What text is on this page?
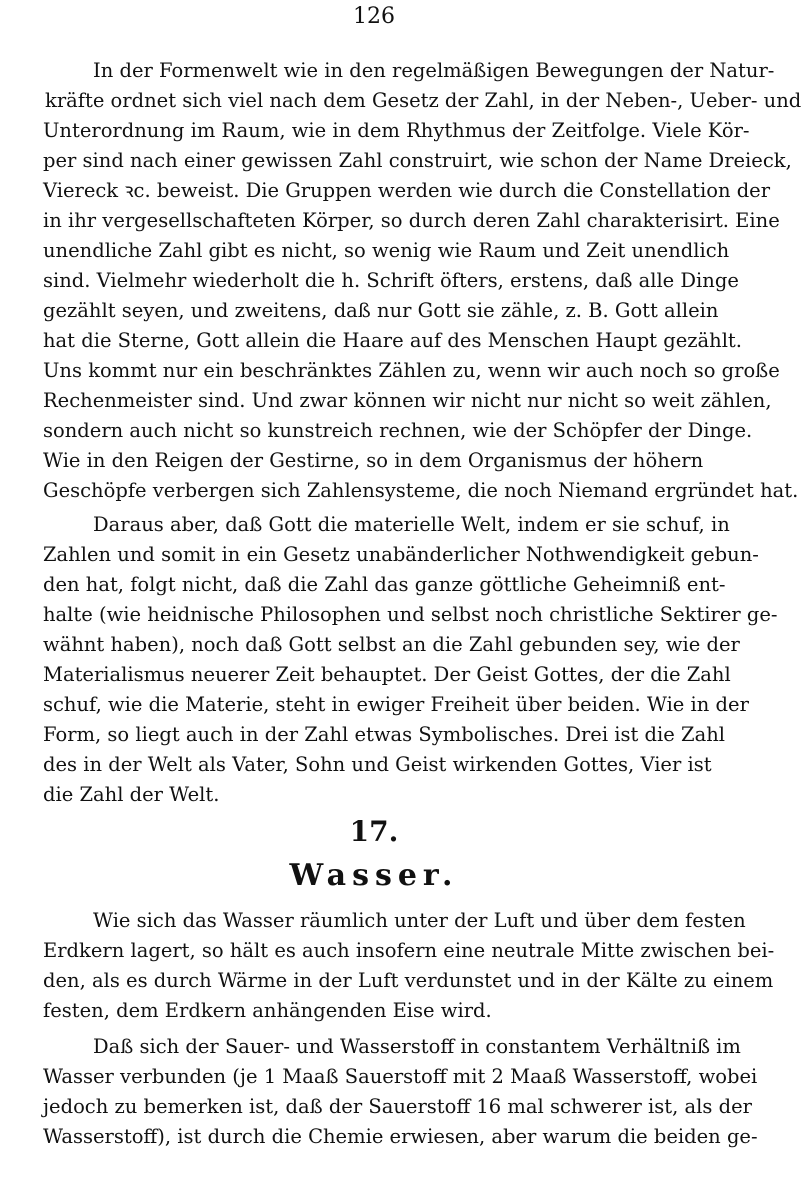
126
In der Formenwelt wie in den regelmäßigen Bewegungen der Natur-
kräfte ordnet sich viel nach dem Gesetz der Zahl, in der Neben-, Ueber- und
Unterordnung im Raum, wie in dem Rhythmus der Zeitfolge. Viele Kör-
per sind nach einer gewissen Zahl construirt, wie schon der Name Dreieck,
Viereck ꝛc. beweist. Die Gruppen werden wie durch die Constellation der
in ihr vergesellschafteten Körper, so durch deren Zahl charakterisirt. Eine
unendliche Zahl gibt es nicht, so wenig wie Raum und Zeit unendlich
sind. Vielmehr wiederholt die h. Schrift öfters, erstens, daß alle Dinge
gezählt seyen, und zweitens, daß nur Gott sie zähle, z. B. Gott allein
hat die Sterne, Gott allein die Haare auf des Menschen Haupt gezählt.
Uns kommt nur ein beschränktes Zählen zu, wenn wir auch noch so große
Rechenmeister sind. Und zwar können wir nicht nur nicht so weit zählen,
sondern auch nicht so kunstreich rechnen, wie der Schöpfer der Dinge.
Wie in den Reigen der Gestirne, so in dem Organismus der höhern
Geschöpfe verbergen sich Zahlensysteme, die noch Niemand ergründet hat.
Daraus aber, daß Gott die materielle Welt, indem er sie schuf, in
Zahlen und somit in ein Gesetz unabänderlicher Nothwendigkeit gebun-
den hat, folgt nicht, daß die Zahl das ganze göttliche Geheimniß ent-
halte (wie heidnische Philosophen und selbst noch christliche Sektirer ge-
wähnt haben), noch daß Gott selbst an die Zahl gebunden sey, wie der
Materialismus neuerer Zeit behauptet. Der Geist Gottes, der die Zahl
schuf, wie die Materie, steht in ewiger Freiheit über beiden. Wie in der
Form, so liegt auch in der Zahl etwas Symbolisches. Drei ist die Zahl
des in der Welt als Vater, Sohn und Geist wirkenden Gottes, Vier ist
die Zahl der Welt.
17.
Wasser.
Wie sich das Wasser räumlich unter der Luft und über dem festen
Erdkern lagert, so hält es auch insofern eine neutrale Mitte zwischen bei-
den, als es durch Wärme in der Luft verdunstet und in der Kälte zu einem
festen, dem Erdkern anhängenden Eise wird.
Daß sich der Sauer- und Wasserstoff in constantem Verhältniß im
Wasser verbunden (je 1 Maaß Sauerstoff mit 2 Maaß Wasserstoff, wobei
jedoch zu bemerken ist, daß der Sauerstoff 16 mal schwerer ist, als der
Wasserstoff), ist durch die Chemie erwiesen, aber warum die beiden ge-
